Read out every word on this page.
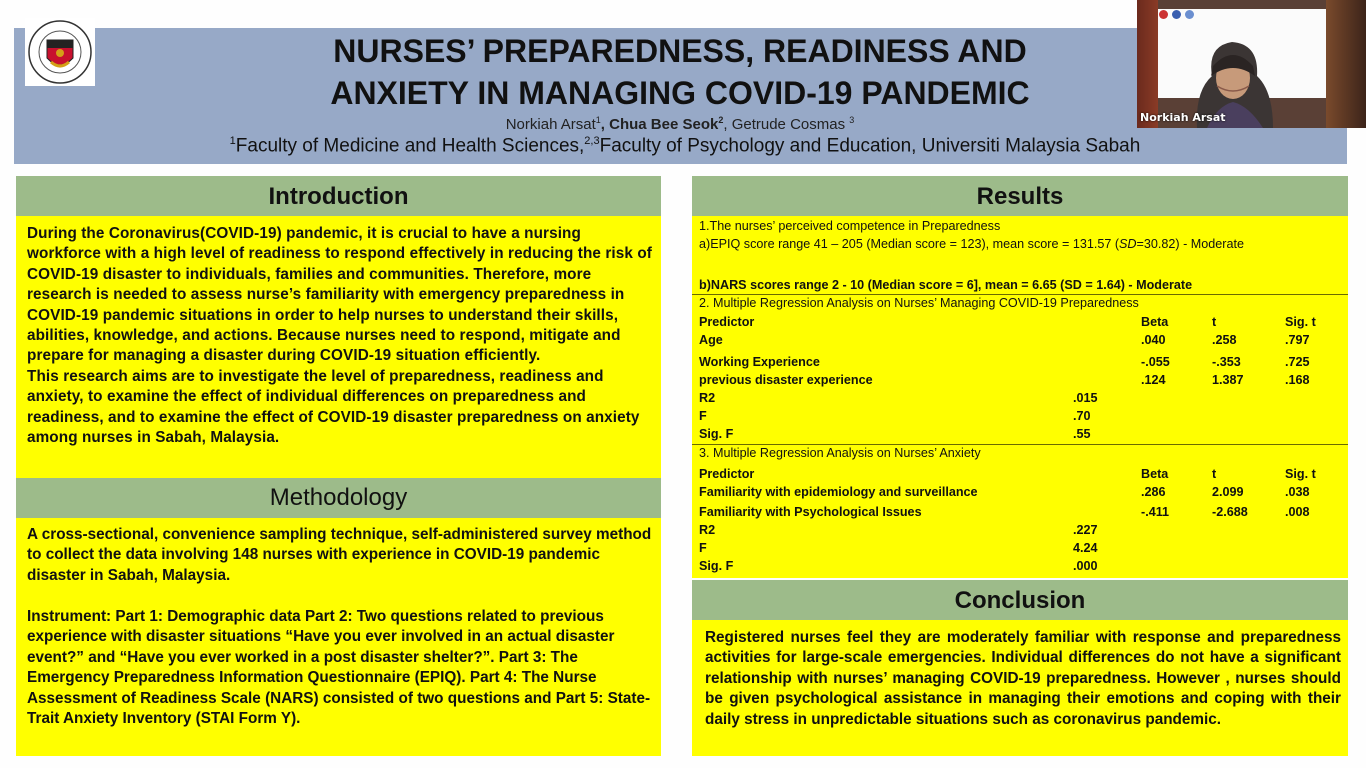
NURSES’ PREPAREDNESS, READINESS AND
ANXIETY IN MANAGING COVID-19 PANDEMIC
Norkiah Arsat$^1$, Chua Bee Seok$^2$, Getrude Cosmas $^3$
$^1$Faculty of Medicine and Health Sciences,$^{2,3}$Faculty of Psychology and Education, Universiti Malaysia Sabah
Norkiah Arsat
Introduction
During the Coronavirus(COVID-19) pandemic, it is crucial to have a nursing workforce with a high level of readiness to respond effectively in reducing the risk of COVID-19 disaster to individuals, families and communities. Therefore, more research is needed to assess nurse’s familiarity with emergency preparedness in COVID-19 pandemic situations in order to help nurses to understand their skills, abilities, knowledge, and actions. Because nurses need to respond, mitigate and prepare for managing a disaster during COVID-19 situation efficiently.
This research aims are to investigate the level of preparedness, readiness and anxiety, to examine the effect of individual differences on preparedness and readiness, and to examine the effect of COVID-19 disaster preparedness on anxiety among nurses in Sabah, Malaysia.
Methodology
A cross-sectional, convenience sampling technique, self-administered survey method to collect the data involving 148 nurses with experience in COVID-19 pandemic disaster in Sabah, Malaysia.
Instrument: Part 1: Demographic data Part 2: Two questions related to previous experience with disaster situations “Have you ever involved in an actual disaster event?” and “Have you ever worked in a post disaster shelter?”. Part 3: The Emergency Preparedness Information Questionnaire (EPIQ). Part 4: The Nurse Assessment of Readiness Scale (NARS) consisted of two questions and Part 5: State-Trait Anxiety Inventory (STAI Form Y).
Results
1.The nurses’ perceived competence in Preparedness
a)EPIQ score range 41 – 205 (Median score = 123), mean score = 131.57 (SD=30.82) - Moderate
b)NARS scores range 2 - 10 (Median score = 6], mean = 6.65 (SD = 1.64) - Moderate
2. Multiple Regression Analysis on Nurses’ Managing COVID-19 Preparedness
Predictor	Beta	t	Sig. t
Age	.040	.258	.797
Working Experience	-.055	-.353	.725
previous disaster experience	.124	1.387	.168
R2	.015
F	.70
Sig. F	.55
3. Multiple Regression Analysis on Nurses’ Anxiety
Predictor	Beta	t	Sig. t
Familiarity with epidemiology and surveillance	.286	2.099	.038
Familiarity with Psychological Issues	-.411	-2.688	.008
R2	.227
F	4.24
Sig. F	.000
Conclusion
Registered nurses feel they are moderately familiar with response and preparedness activities for large-scale emergencies. Individual differences do not have a significant relationship with nurses’ managing COVID-19 preparedness. However , nurses should be given psychological assistance in managing their emotions and coping with their daily stress in unpredictable situations such as coronavirus pandemic.
